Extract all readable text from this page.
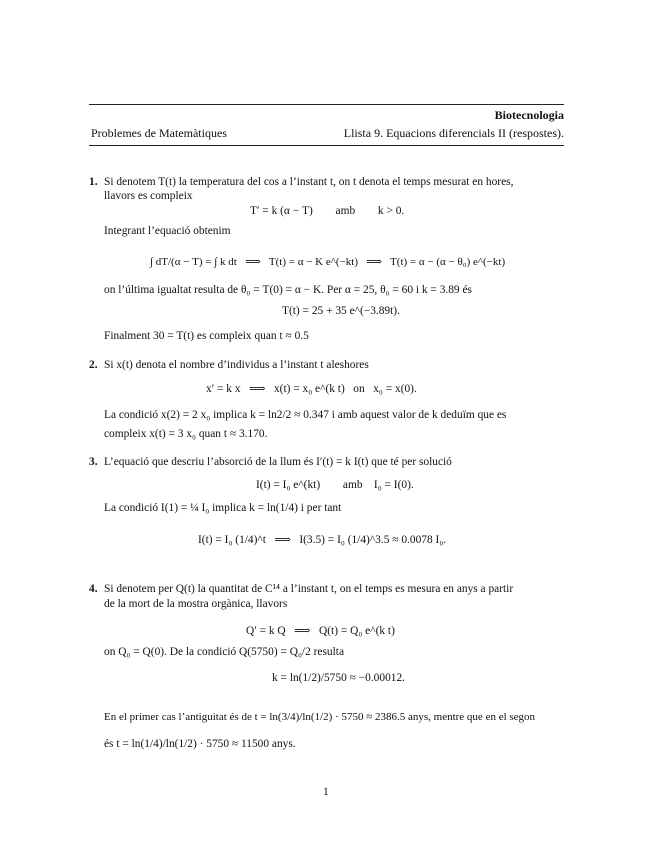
Biotecnologia
Problemes de Matemàtiques	Llista 9. Equacions diferencials II (respostes).
1. Si denotem T(t) la temperatura del cos a l’instant t, on t denota el temps mesurat en hores,
llavors es compleix
T′ = k (α − T)        amb        k > 0.
Integrant l’equació obtenim
∫ dT/(α − T) = ∫ k dt   ⟹   T(t) = α − K e^(−kt)   ⟹   T(t) = α − (α − θ₀) e^(−kt)
on l’última igualtat resulta de θ₀ = T(0) = α − K. Per α = 25, θ₀ = 60 i k = 3.89 és
T(t) = 25 + 35 e^(−3.89t).
Finalment 30 = T(t) es compleix quan t ≈ 0.5
2. Si x(t) denota el nombre d’individus a l’instant t aleshores
x′ = k x   ⟹   x(t) = x₀ e^(k t)   on   x₀ = x(0).
La condició x(2) = 2 x₀ implica k = ln2/2 ≈ 0.347 i amb aquest valor de k deduïm que es
compleix x(t) = 3 x₀ quan t ≈ 3.170.
3. L’equació que descriu l’absorció de la llum és I′(t) = k I(t) que té per solució
I(t) = I₀ e^(kt)        amb    I₀ = I(0).
La condició I(1) = ¼ I₀ implica k = ln(1/4) i per tant
I(t) = I₀ (1/4)^t   ⟹   I(3.5) = I₀ (1/4)^3.5 ≈ 0.0078 I₀.
4. Si denotem per Q(t) la quantitat de C¹⁴ a l’instant t, on el temps es mesura en anys a partir
de la mort de la mostra orgànica, llavors
Q′ = k Q   ⟹   Q(t) = Q₀ e^(k t)
on Q₀ = Q(0). De la condició Q(5750) = Q₀/2 resulta
k = ln(1/2)/5750 ≈ −0.00012.
En el primer cas l’antiguitat és de t = ln(3/4)/ln(1/2) · 5750 ≈ 2386.5 anys, mentre que en el segon
és t = ln(1/4)/ln(1/2) · 5750 ≈ 11500 anys.
1
